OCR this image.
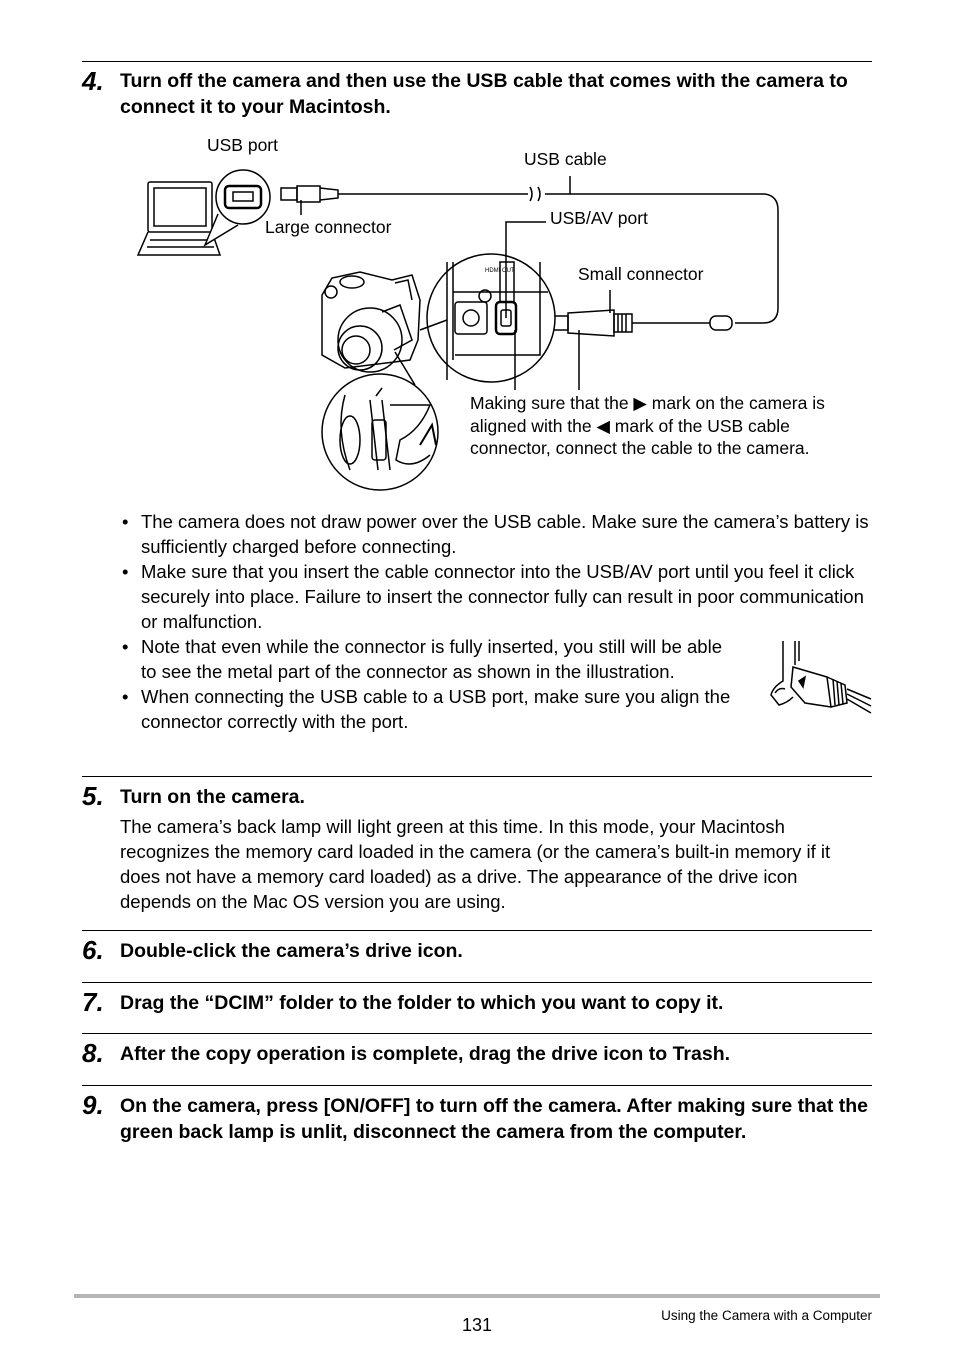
4. Turn off the camera and then use the USB cable that comes with the camera to connect it to your Macintosh.
HDMI OUT
USB port
USB cable
USB/AV port
Large connector
Small connector
Making sure that the ▶ mark on the camera is aligned with the ◀ mark of the USB cable connector, connect the cable to the camera.
• The camera does not draw power over the USB cable. Make sure the camera’s battery is sufficiently charged before connecting.
• Make sure that you insert the cable connector into the USB/AV port until you feel it click securely into place. Failure to insert the connector fully can result in poor communication or malfunction.
• Note that even while the connector is fully inserted, you still will be able to see the metal part of the connector as shown in the illustration.
• When connecting the USB cable to a USB port, make sure you align the connector correctly with the port.
5. Turn on the camera.
The camera’s back lamp will light green at this time. In this mode, your Macintosh recognizes the memory card loaded in the camera (or the camera’s built-in memory if it does not have a memory card loaded) as a drive. The appearance of the drive icon depends on the Mac OS version you are using.
6. Double-click the camera’s drive icon.
7. Drag the “DCIM” folder to the folder to which you want to copy it.
8. After the copy operation is complete, drag the drive icon to Trash.
9. On the camera, press [ON/OFF] to turn off the camera. After making sure that the green back lamp is unlit, disconnect the camera from the computer.
131	Using the Camera with a Computer
